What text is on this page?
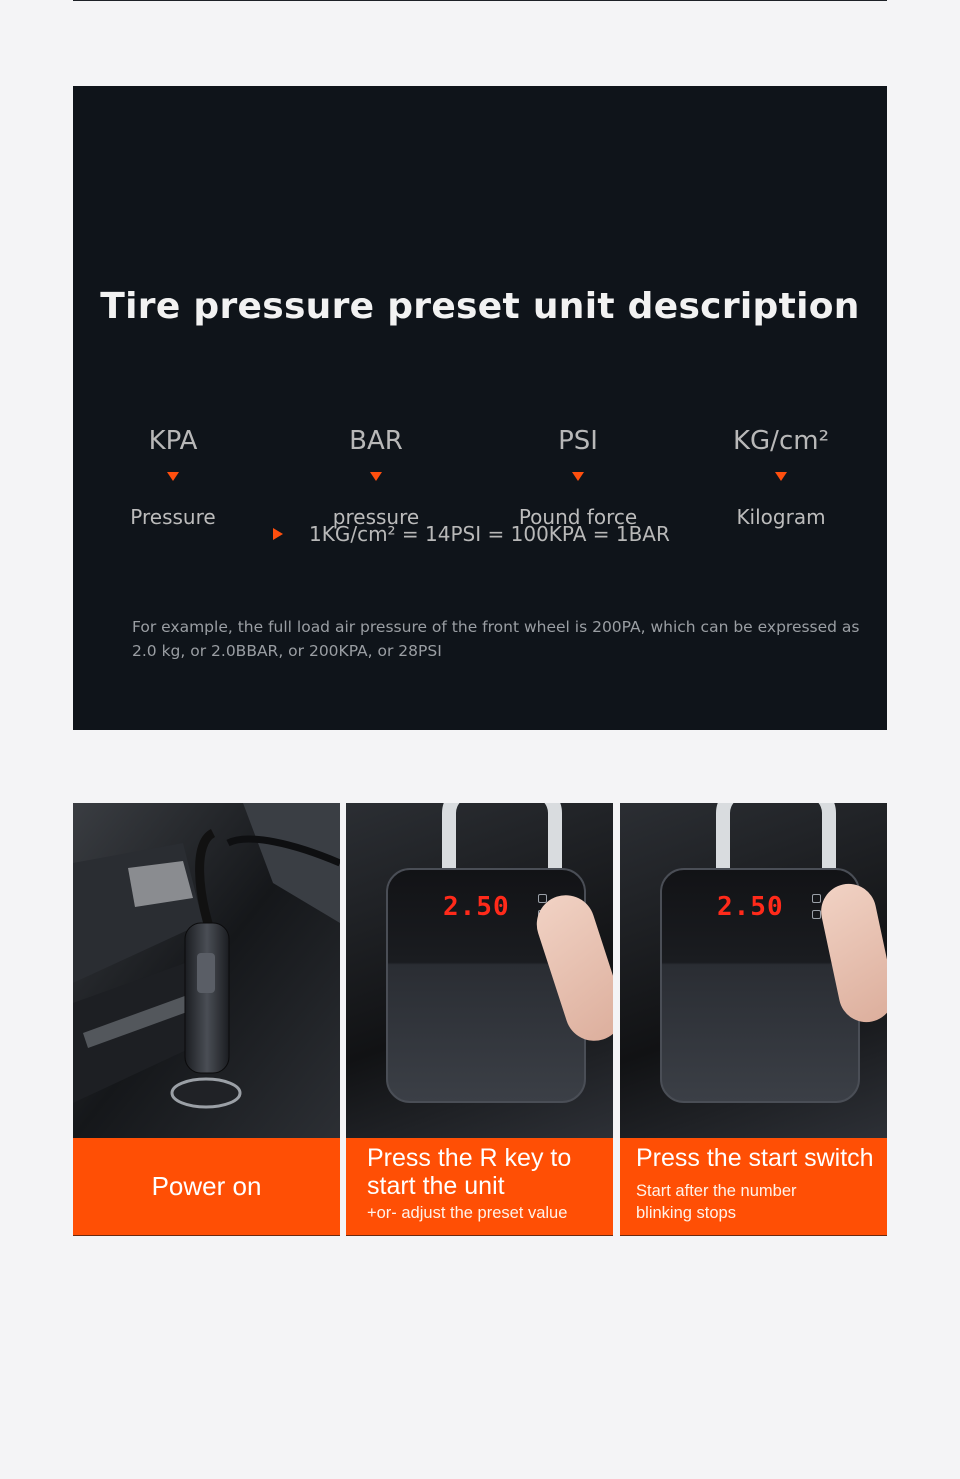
Tire pressure preset unit description
KPA
Pressure
BAR
pressure
PSI
Pound force
KG/cm²
Kilogram
1KG/cm² = 14PSI = 100KPA = 1BAR

For example, the full load air pressure of the front wheel is 200PA, which can be expressed as 2.0 kg, or 2.0BBAR, or 200KPA, or 28PSI

Power on
2.50
Press the R key to
start the unit
+or- adjust the preset value
2.50
Press the start switch
Start after the number
blinking stops
